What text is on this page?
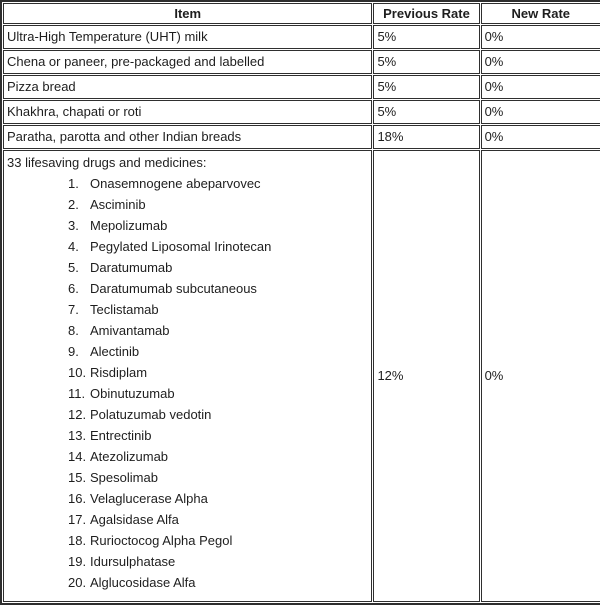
Item	Previous Rate	New Rate
Ultra-High Temperature (UHT) milk	5%	0%
Chena or paneer, pre-packaged and labelled	5%	0%
Pizza bread	5%	0%
Khakhra, chapati or roti	5%	0%
Paratha, parotta and other Indian breads	18%	0%

33 lifesaving drugs and medicines:
1. Onasemnogene abeparvovec
2. Asciminib
3. Mepolizumab
4. Pegylated Liposomal Irinotecan
5. Daratumumab
6. Daratumumab subcutaneous
7. Teclistamab
8. Amivantamab
9. Alectinib
10. Risdiplam
11. Obinutuzumab
12. Polatuzumab vedotin
13. Entrectinib
14. Atezolizumab
15. Spesolimab
16. Velaglucerase Alpha
17. Agalsidase Alfa
18. Rurioctocog Alpha Pegol
19. Idursulphatase
20. Alglucosidase Alfa
	12%	0%
